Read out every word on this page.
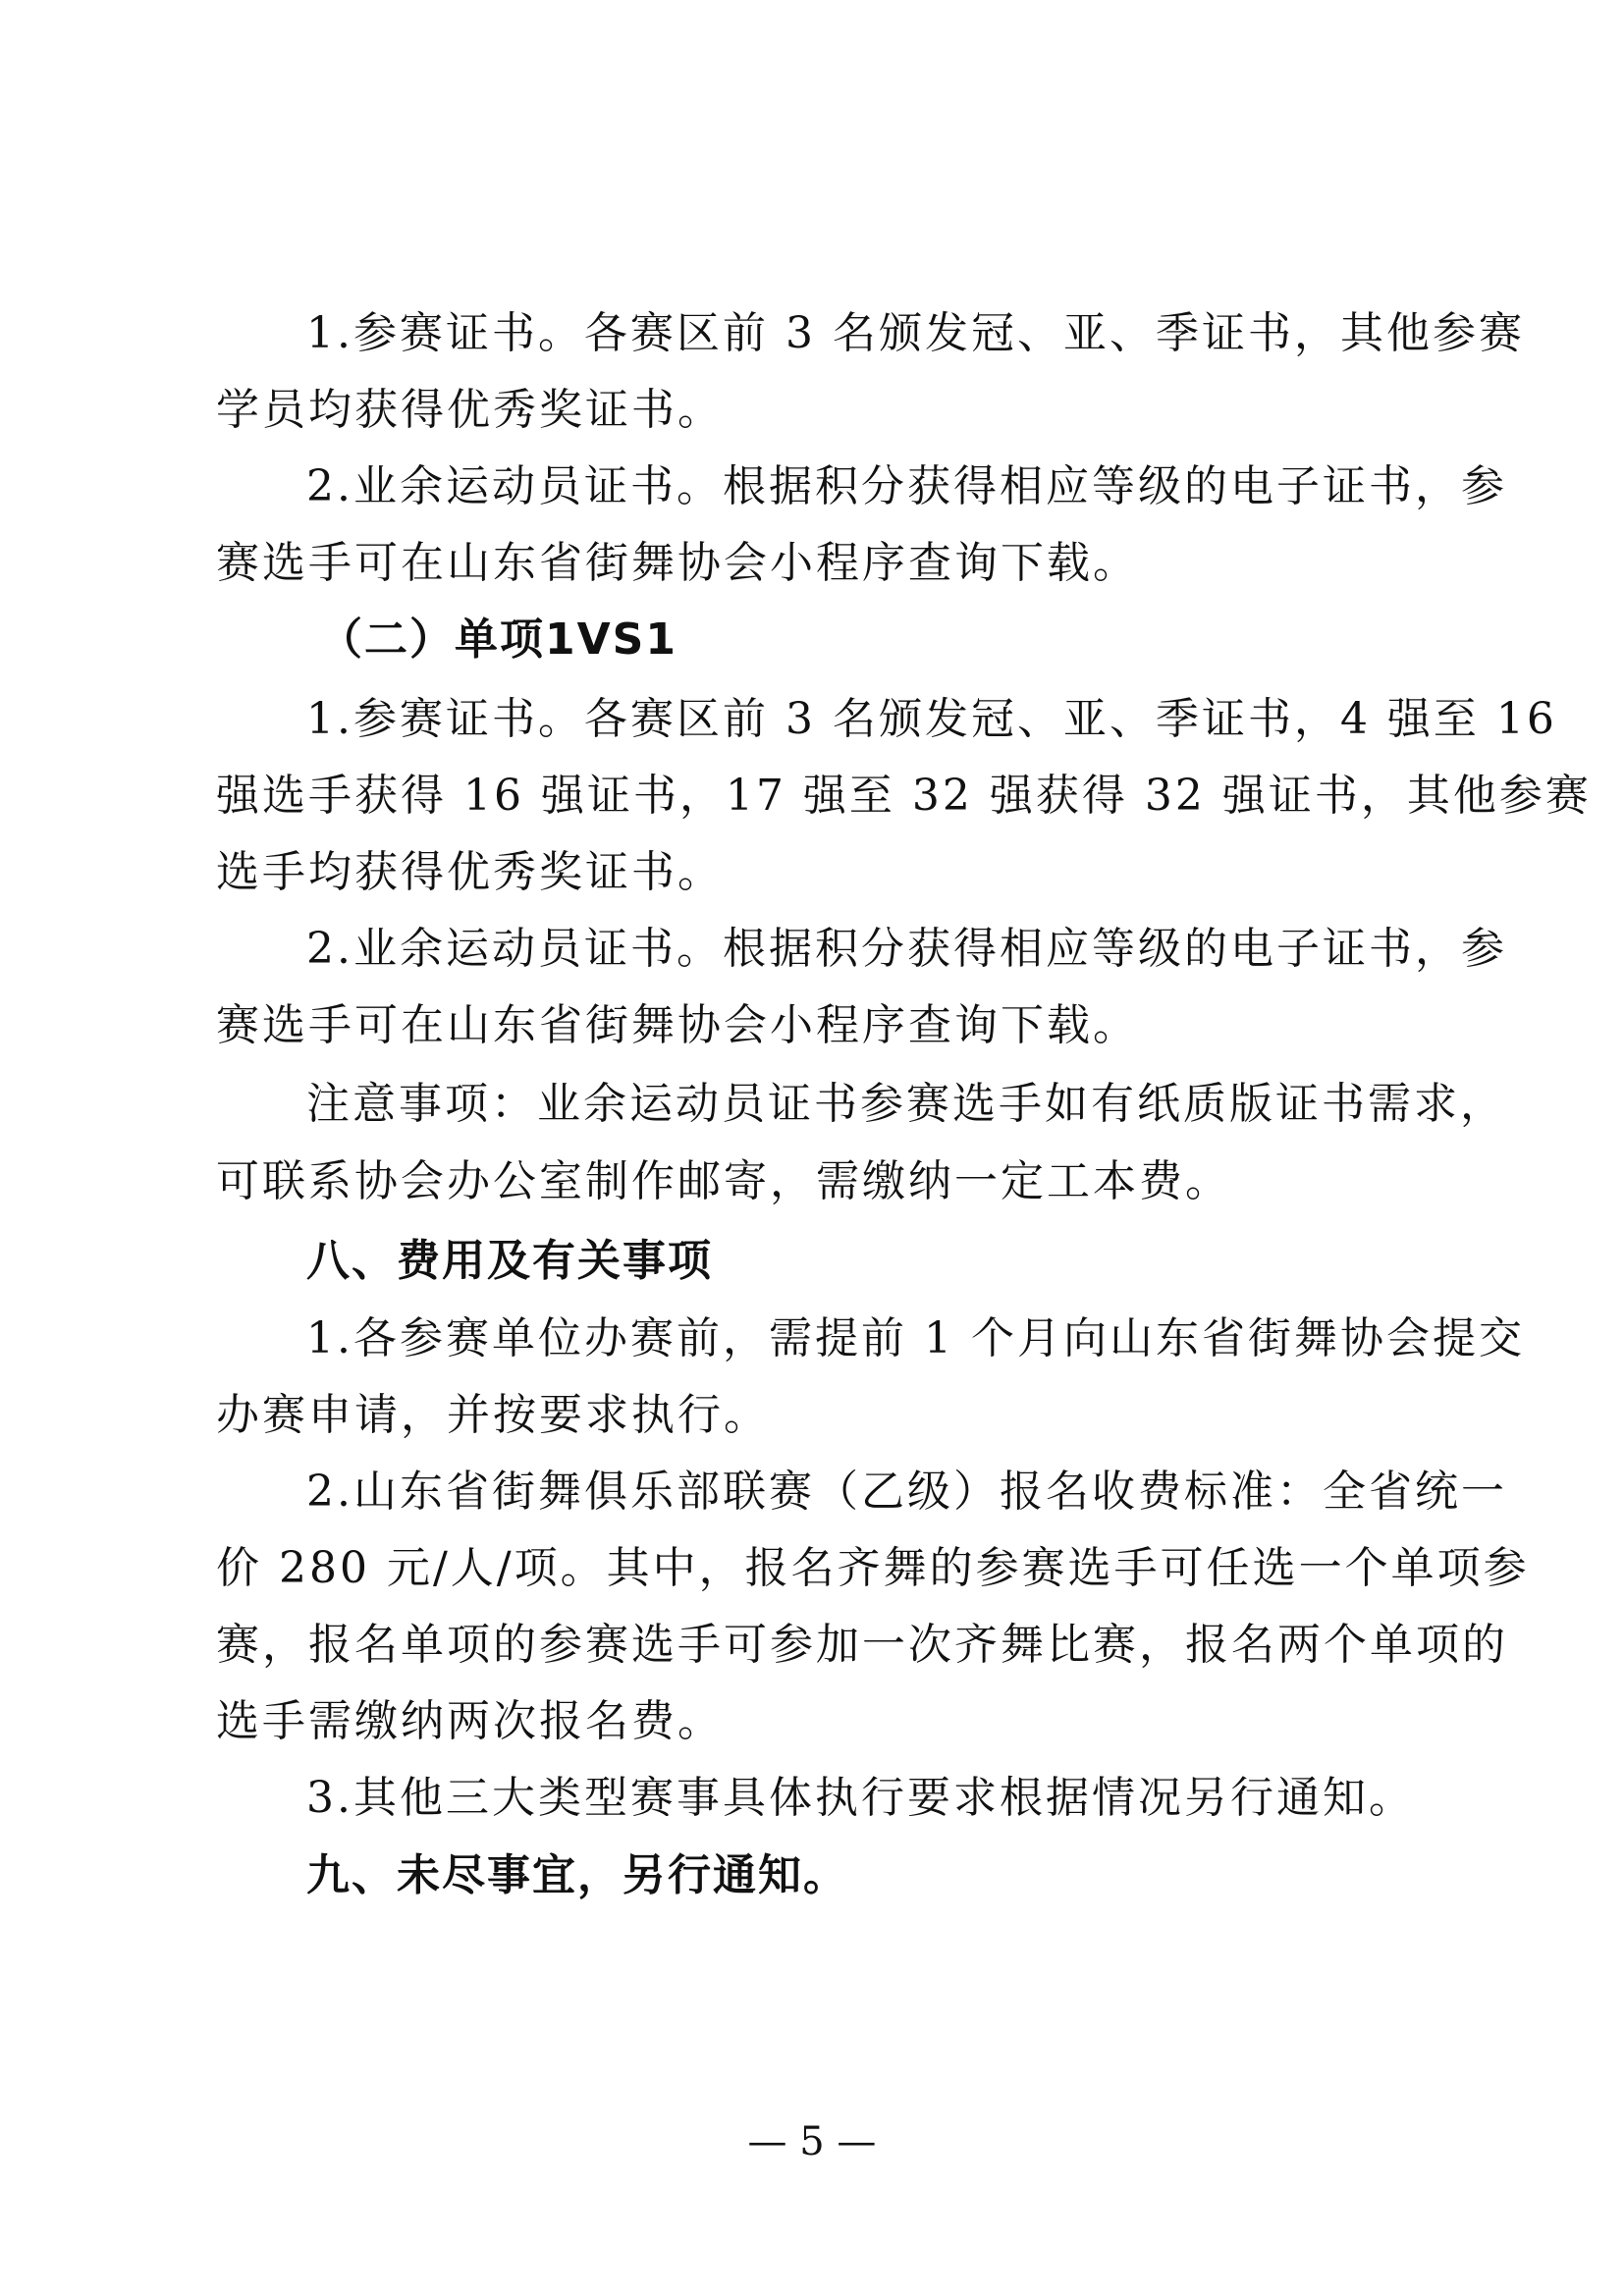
1.参赛证书。各赛区前 3 名颁发冠、亚、季证书，其他参赛
学员均获得优秀奖证书。
2.业余运动员证书。根据积分获得相应等级的电子证书，参
赛选手可在山东省街舞协会小程序查询下载。
（二）单项1VS1
1.参赛证书。各赛区前 3 名颁发冠、亚、季证书，4 强至 16
强选手获得 16 强证书，17 强至 32 强获得 32 强证书，其他参赛
选手均获得优秀奖证书。
2.业余运动员证书。根据积分获得相应等级的电子证书，参
赛选手可在山东省街舞协会小程序查询下载。
注意事项：业余运动员证书参赛选手如有纸质版证书需求，
可联系协会办公室制作邮寄，需缴纳一定工本费。
八、费用及有关事项
1.各参赛单位办赛前，需提前 1 个月向山东省街舞协会提交
办赛申请，并按要求执行。
2.山东省街舞俱乐部联赛（乙级）报名收费标准：全省统一
价 280 元/人/项。其中，报名齐舞的参赛选手可任选一个单项参
赛，报名单项的参赛选手可参加一次齐舞比赛，报名两个单项的
选手需缴纳两次报名费。
3.其他三大类型赛事具体执行要求根据情况另行通知。
九、未尽事宜，另行通知。
— 5 —
